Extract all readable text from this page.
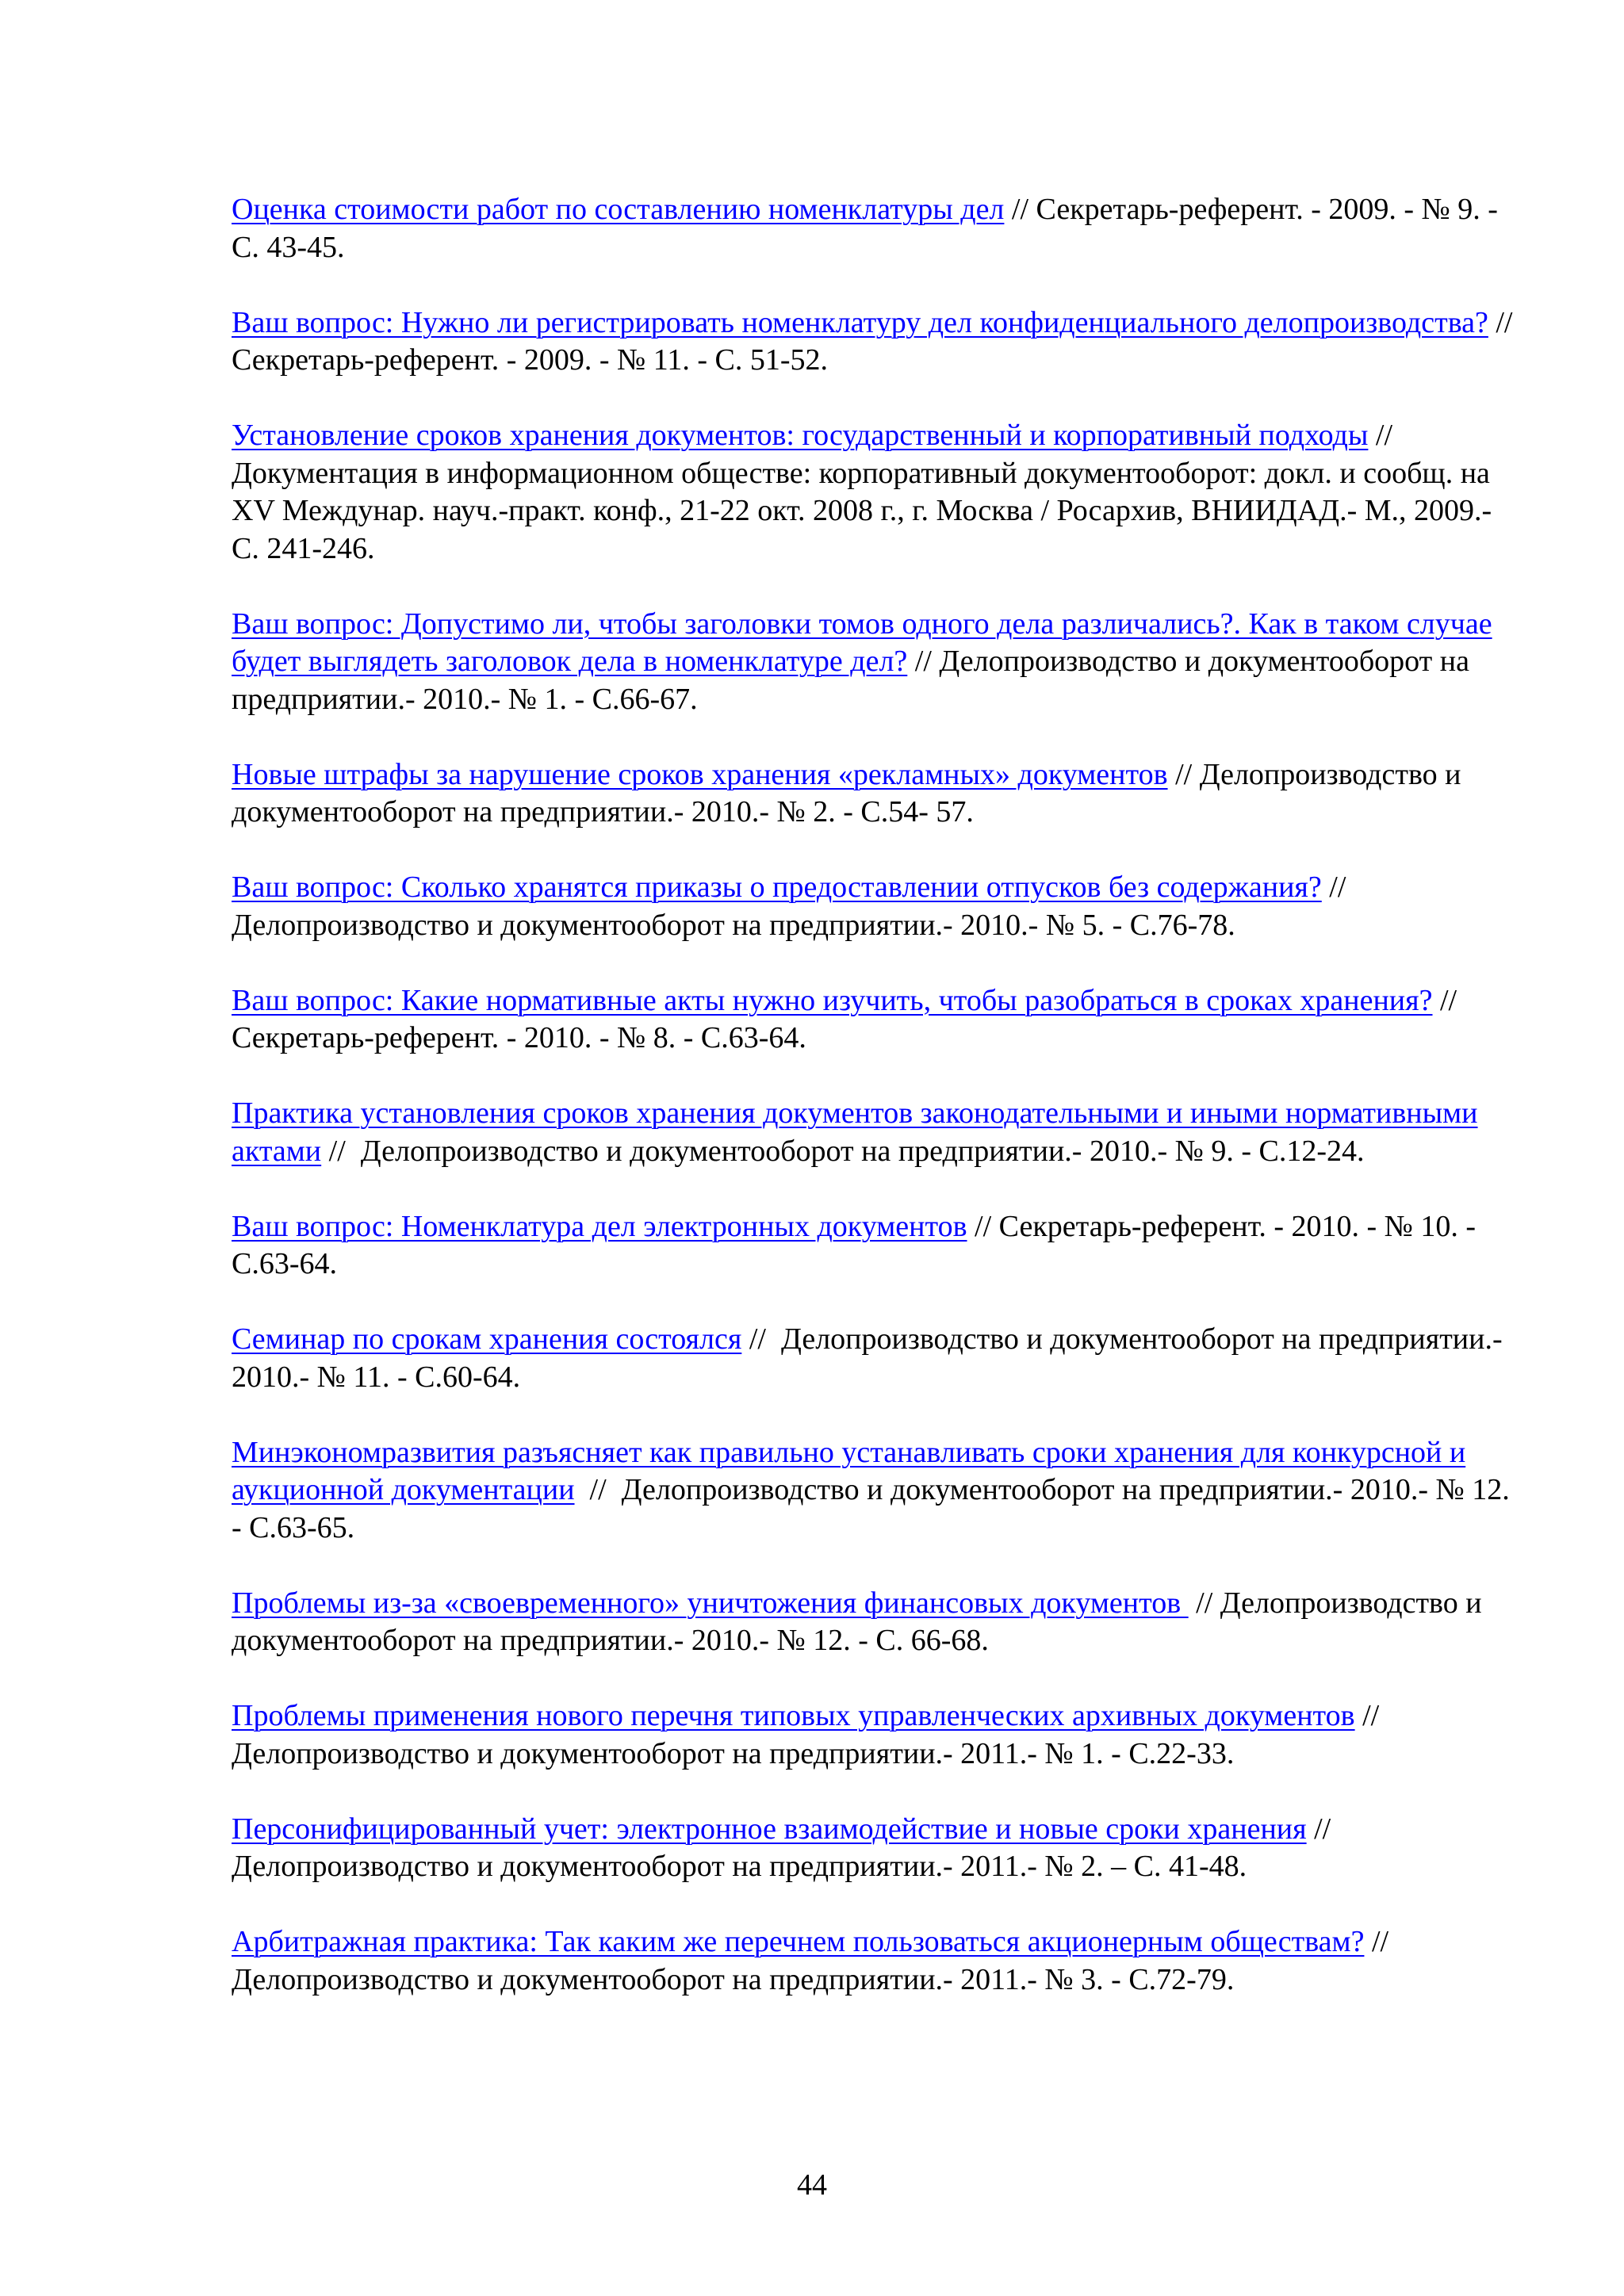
Оценка стоимости работ по составлению номенклатуры дел // Секретарь-референт. - 2009. - № 9. - С. 43-45.

Ваш вопрос: Нужно ли регистрировать номенклатуру дел конфиденциального делопроизводства? // Секретарь-референт. - 2009. - № 11. - С. 51-52.

Установление сроков хранения документов: государственный и корпоративный подходы // Документация в информационном обществе: корпоративный документооборот: докл. и сообщ. на XV Междунар. науч.-практ. конф., 21-22 окт. 2008 г., г. Москва / Росархив, ВНИИДАД.- М., 2009.- С. 241-246.

Ваш вопрос: Допустимо ли, чтобы заголовки томов одного дела различались?. Как в таком случае будет выглядеть заголовок дела в номенклатуре дел? // Делопроизводство и документооборот на предприятии.- 2010.- № 1. - С.66-67.

Новые штрафы за нарушение сроков хранения «рекламных» документов // Делопроизводство и документооборот на предприятии.- 2010.- № 2. - С.54- 57.

Ваш вопрос: Сколько хранятся приказы о предоставлении отпусков без содержания? // Делопроизводство и документооборот на предприятии.- 2010.- № 5. - С.76-78.

Ваш вопрос: Какие нормативные акты нужно изучить, чтобы разобраться в сроках хранения? // Секретарь-референт. - 2010. - № 8. - С.63-64.

Практика установления сроков хранения документов законодательными и иными нормативными актами //  Делопроизводство и документооборот на предприятии.- 2010.- № 9. - С.12-24.

Ваш вопрос: Номенклатура дел электронных документов // Секретарь-референт. - 2010. - № 10. - С.63-64.

Семинар по срокам хранения состоялся //  Делопроизводство и документооборот на предприятии.- 2010.- № 11. - С.60-64.

Минэкономразвития разъясняет как правильно устанавливать сроки хранения для конкурсной и аукционной документации  //  Делопроизводство и документооборот на предприятии.- 2010.- № 12. - С.63-65.

Проблемы из-за «своевременного» уничтожения финансовых документов  // Делопроизводство и документооборот на предприятии.- 2010.- № 12. - С. 66-68.

Проблемы применения нового перечня типовых управленческих архивных документов // Делопроизводство и документооборот на предприятии.- 2011.- № 1. - С.22-33.

Персонифицированный учет: электронное взаимодействие и новые сроки хранения // Делопроизводство и документооборот на предприятии.- 2011.- № 2. – С. 41-48.

Арбитражная практика: Так каким же перечнем пользоваться акционерным обществам? // Делопроизводство и документооборот на предприятии.- 2011.- № 3. - С.72-79.

44
